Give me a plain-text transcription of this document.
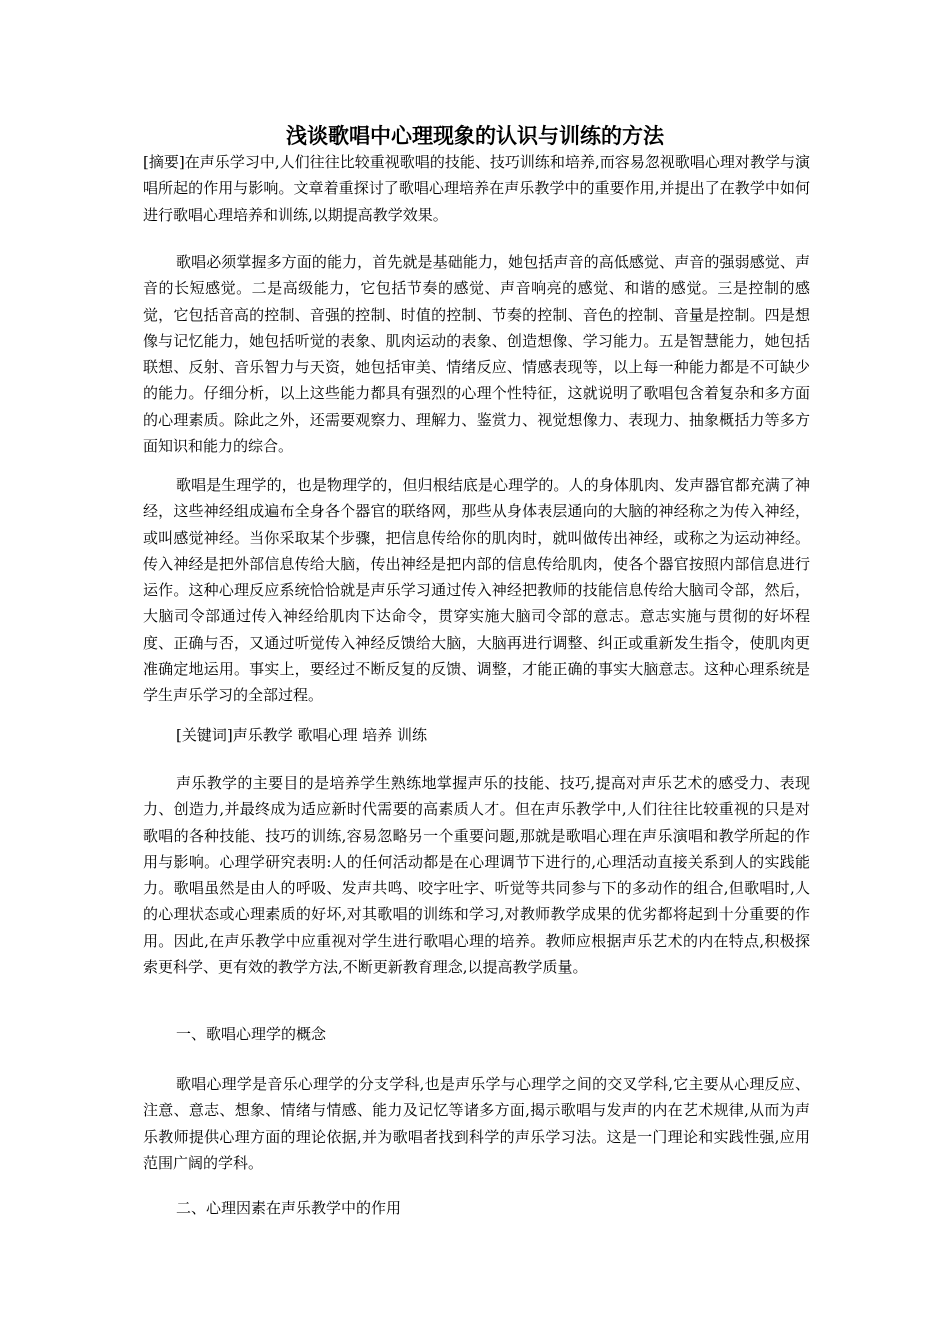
浅谈歌唱中心理现象的认识与训练的方法

[摘要]在声乐学习中,人们往往比较重视歌唱的技能、技巧训练和培养,而容易忽视歌唱心理对教学与演唱所起的作用与影响。文章着重探讨了歌唱心理培养在声乐教学中的重要作用,并提出了在教学中如何进行歌唱心理培养和训练,以期提高教学效果。

歌唱必须掌握多方面的能力，首先就是基础能力，她包括声音的高低感觉、声音的强弱感觉、声音的长短感觉。二是高级能力，它包括节奏的感觉、声音响亮的感觉、和谐的感觉。三是控制的感觉，它包括音高的控制、音强的控制、时值的控制、节奏的控制、音色的控制、音量是控制。四是想像与记忆能力，她包括听觉的表象、肌肉运动的表象、创造想像、学习能力。五是智慧能力，她包括联想、反射、音乐智力与天资，她包括审美、情绪反应、情感表现等，以上每一种能力都是不可缺少的能力。仔细分析，以上这些能力都具有强烈的心理个性特征，这就说明了歌唱包含着复杂和多方面的心理素质。除此之外，还需要观察力、理解力、鉴赏力、视觉想像力、表现力、抽象概括力等多方面知识和能力的综合。

歌唱是生理学的，也是物理学的，但归根结底是心理学的。人的身体肌肉、发声器官都充满了神经，这些神经组成遍布全身各个器官的联络网，那些从身体表层通向的大脑的神经称之为传入神经，或叫感觉神经。当你采取某个步骤，把信息传给你的肌肉时，就叫做传出神经，或称之为运动神经。传入神经是把外部信息传给大脑，传出神经是把内部的信息传给肌肉，使各个器官按照内部信息进行运作。这种心理反应系统恰恰就是声乐学习通过传入神经把教师的技能信息传给大脑司令部，然后，大脑司令部通过传入神经给肌肉下达命令，贯穿实施大脑司令部的意志。意志实施与贯彻的好坏程度、正确与否，又通过听觉传入神经反馈给大脑，大脑再进行调整、纠正或重新发生指令，使肌肉更准确定地运用。事实上，要经过不断反复的反馈、调整，才能正确的事实大脑意志。这种心理系统是学生声乐学习的全部过程。

[关键词]声乐教学 歌唱心理 培养 训练

声乐教学的主要目的是培养学生熟练地掌握声乐的技能、技巧,提高对声乐艺术的感受力、表现力、创造力,并最终成为适应新时代需要的高素质人才。但在声乐教学中,人们往往比较重视的只是对歌唱的各种技能、技巧的训练,容易忽略另一个重要问题,那就是歌唱心理在声乐演唱和教学所起的作用与影响。心理学研究表明:人的任何活动都是在心理调节下进行的,心理活动直接关系到人的实践能力。歌唱虽然是由人的呼吸、发声共鸣、咬字吐字、听觉等共同参与下的多动作的组合,但歌唱时,人的心理状态或心理素质的好坏,对其歌唱的训练和学习,对教师教学成果的优劣都将起到十分重要的作用。因此,在声乐教学中应重视对学生进行歌唱心理的培养。教师应根据声乐艺术的内在特点,积极探索更科学、更有效的教学方法,不断更新教育理念,以提高教学质量。

一、歌唱心理学的概念

歌唱心理学是音乐心理学的分支学科,也是声乐学与心理学之间的交叉学科,它主要从心理反应、注意、意志、想象、情绪与情感、能力及记忆等诸多方面,揭示歌唱与发声的内在艺术规律,从而为声乐教师提供心理方面的理论依据,并为歌唱者找到科学的声乐学习法。这是一门理论和实践性强,应用范围广阔的学科。

二、心理因素在声乐教学中的作用
